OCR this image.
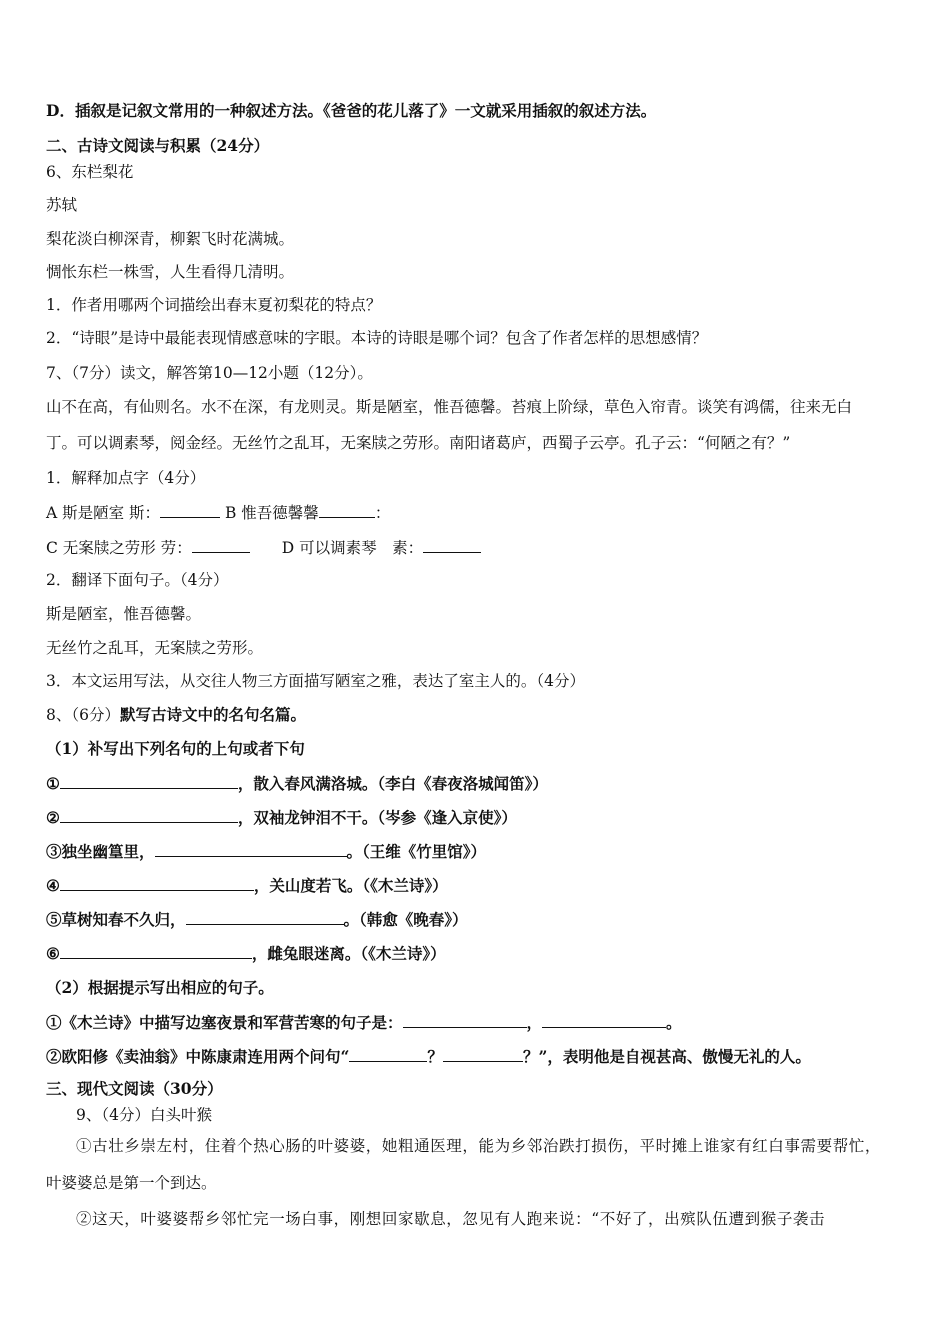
D．插叙是记叙文常用的一种叙述方法。《爸爸的花儿落了》一文就采用插叙的叙述方法。
二、古诗文阅读与积累（24分）
6、东栏梨花
苏轼
梨花淡白柳深青，柳絮飞时花满城。
惆怅东栏一株雪，人生看得几清明。
1．作者用哪两个词描绘出春末夏初梨花的特点？
2．“诗眼”是诗中最能表现情感意味的字眼。本诗的诗眼是哪个词？包含了作者怎样的思想感情？
7、（7分）读文，解答第10—12小题（12分）。
山不在高，有仙则名。水不在深，有龙则灵。斯是陋室，惟吾德馨。苔痕上阶绿，草色入帘青。谈笑有鸿儒，往来无白
丁。可以调素琴，阅金经。无丝竹之乱耳，无案牍之劳形。南阳诸葛庐，西蜀子云亭。孔子云：“何陋之有？”
1．解释加点字（4分）
A 斯是陋室 斯：	B 惟吾德馨馨	：
C 无案牍之劳形 劳：	D 可以调素琴　素：
2．翻译下面句子。（4分）
斯是陋室，惟吾德馨。
无丝竹之乱耳，无案牍之劳形。
3．本文运用写法，从交往人物三方面描写陋室之雅，表达了室主人的。（4分）
8、（6分）默写古诗文中的名句名篇。
（1）补写出下列名句的上句或者下句
①	，散入春风满洛城。（李白《春夜洛城闻笛》）
②	，双袖龙钟泪不干。（岑参《逢入京使》）
③独坐幽篁里，	。（王维《竹里馆》）
④	，关山度若飞。（《木兰诗》）
⑤草树知春不久归，	。（韩愈《晚春》）
⑥	，雌兔眼迷离。（《木兰诗》）
（2）根据提示写出相应的句子。
①《木兰诗》中描写边塞夜景和军营苦寒的句子是：	，	。
②欧阳修《卖油翁》中陈康肃连用两个问句“	？	？”，表明他是自视甚高、傲慢无礼的人。
三、现代文阅读（30分）
9、（4分）白头叶猴
①古壮乡崇左村，住着个热心肠的叶婆婆，她粗通医理，能为乡邻治跌打损伤，平时摊上谁家有红白事需要帮忙，
叶婆婆总是第一个到达。
②这天，叶婆婆帮乡邻忙完一场白事，刚想回家歇息，忽见有人跑来说：“不好了，出殡队伍遭到猴子袭击
